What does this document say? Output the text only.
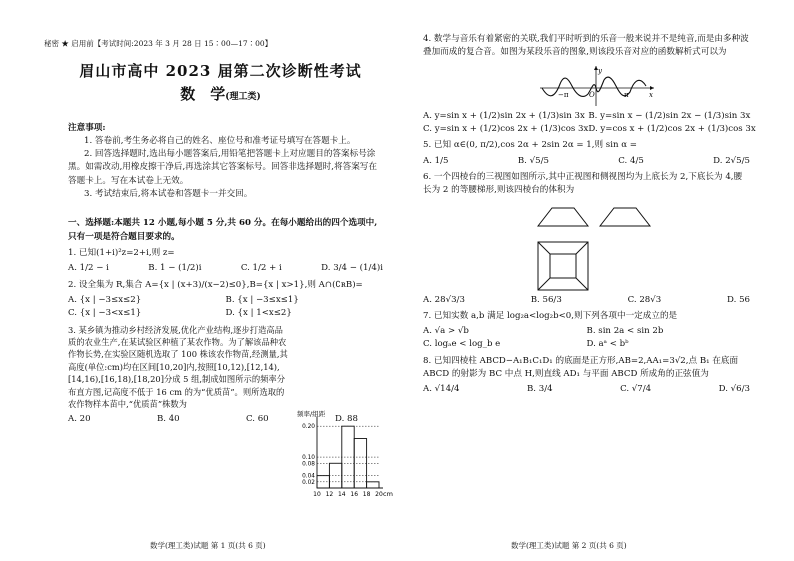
秘密 ★ 启用前【考试时间:2023 年 3 月 28 日 15∶00—17∶00】
眉山市高中 2023 届第二次诊断性考试
数　学(理工类)
注意事项:

1. 答卷前,考生务必将自己的姓名、座位号和准考证号填写在答题卡上。

2. 回答选择题时,选出每小题答案后,用铅笔把答题卡上对应题目的答案标号涂黑。如需改动,用橡皮擦干净后,再选涂其它答案标号。回答非选择题时,将答案写在答题卡上。写在本试卷上无效。

3. 考试结束后,将本试卷和答题卡一并交回。

一、选择题:本题共 12 小题,每小题 5 分,共 60 分。在每小题给出的四个选项中,只有一项是符合题目要求的。
1. 已知(1+i)²z=2+i,则 z=
A. 1/2 − i	B. 1 − (1/2)i	C. 1/2 + i	D. 3/4 − (1/4)i
2. 设全集为 R,集合 A={x | (x+3)/(x−2)≤0},B={x | x>1},则 A∩(∁ʀB)=
A. {x | −3≤x≤2}	B. {x | −3≤x≤1}
C. {x | −3<x≤1}	D. {x | 1<x≤2}
3. 某乡镇为推动乡村经济发展,优化产业结构,逐步打造高品质的农业生产,在某试验区种植了某农作物。为了解该品种农作物长势,在实验区随机选取了 100 株该农作物苗,经测量,其高度(单位:cm)均在区间[10,20]内,按照[10,12),[12,14),[14,16),[16,18),[18,20]分成 5 组,制成如图所示的频率分布直方图,记高度不低于 16 cm 的为“优质苗”。则所选取的农作物样本苗中,“优质苗”株数为
A. 20	B. 40	C. 60	D. 88
数学(理工类)试题 第 1 页(共 6 页)
频率/组距
0.02
0.04
0.08
0.10
0.20
10 12 14 16 18 20 cm
4. 数学与音乐有着紧密的关联,我们平时听到的乐音一般来说并不是纯音,而是由多种波叠加而成的复合音。如图为某段乐音的图象,则该段乐音对应的函数解析式可以为
y
x
O
−π	π
A. y=sin x + (1/2)sin 2x + (1/3)sin 3x B. y=sin x − (1/2)sin 2x − (1/3)sin 3x
C. y=sin x + (1/2)cos 2x + (1/3)cos 3x D. y=cos x + (1/2)cos 2x + (1/3)cos 3x
5. 已知 α∈(0, π/2),cos 2α + 2sin 2α = 1,则 sin α =
A. 1/5	B. √5/5	C. 4/5	D. 2√5/5
6. 一个四棱台的三视图如图所示,其中正视图和侧视图均为上底长为 2,下底长为 4,腰长为 2 的等腰梯形,则该四棱台的体积为
A. 28√3/3	B. 56/3	C. 28√3	D. 56
7. 已知实数 a,b 满足 log₂a<log₂b<0,则下列各项中一定成立的是
A. √a > √b	B. sin 2a < sin 2b
C. logₐe < log_b e	D. aᵃ < bᵇ
8. 已知四棱柱 ABCD−A₁B₁C₁D₁ 的底面是正方形,AB=2,AA₁=3√2,点 B₁ 在底面 ABCD 的射影为 BC 中点 H,则直线 AD₁ 与平面 ABCD 所成角的正弦值为
A. √14/4	B. 3/4	C. √7/4	D. √6/3
数学(理工类)试题 第 2 页(共 6 页)
